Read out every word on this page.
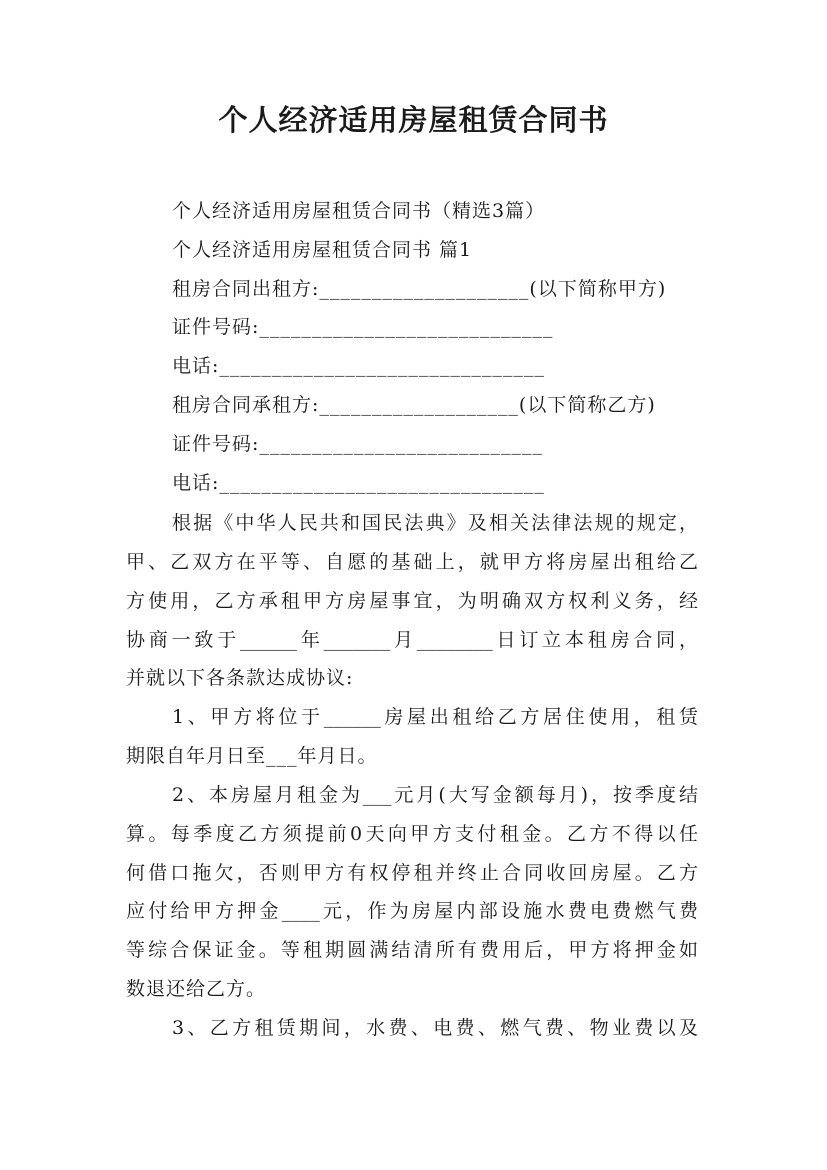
个人经济适用房屋租赁合同书
个人经济适用房屋租赁合同书（精选3篇）
个人经济适用房屋租赁合同书 篇1
租房合同出租方:____________________(以下简称甲方)
证件号码:____________________________
电话:_______________________________
租房合同承租方:___________________(以下简称乙方)
证件号码:___________________________
电话:_______________________________
根据《中华人民共和国民法典》及相关法律法规的规定，
甲、乙双方在平等、自愿的基础上，就甲方将房屋出租给乙
方使用，乙方承租甲方房屋事宜，为明确双方权利义务，经
协商一致于______年_______月________日订立本租房合同，
并就以下各条款达成协议:
1、甲方将位于______房屋出租给乙方居住使用，租赁
期限自年月日至___年月日。
2、本房屋月租金为___元月(大写金额每月)，按季度结
算。每季度乙方须提前0天向甲方支付租金。乙方不得以任
何借口拖欠，否则甲方有权停租并终止合同收回房屋。乙方
应付给甲方押金____元，作为房屋内部设施水费电费燃气费
等综合保证金。等租期圆满结清所有费用后，甲方将押金如
数退还给乙方。
3、乙方租赁期间，水费、电费、燃气费、物业费以及
